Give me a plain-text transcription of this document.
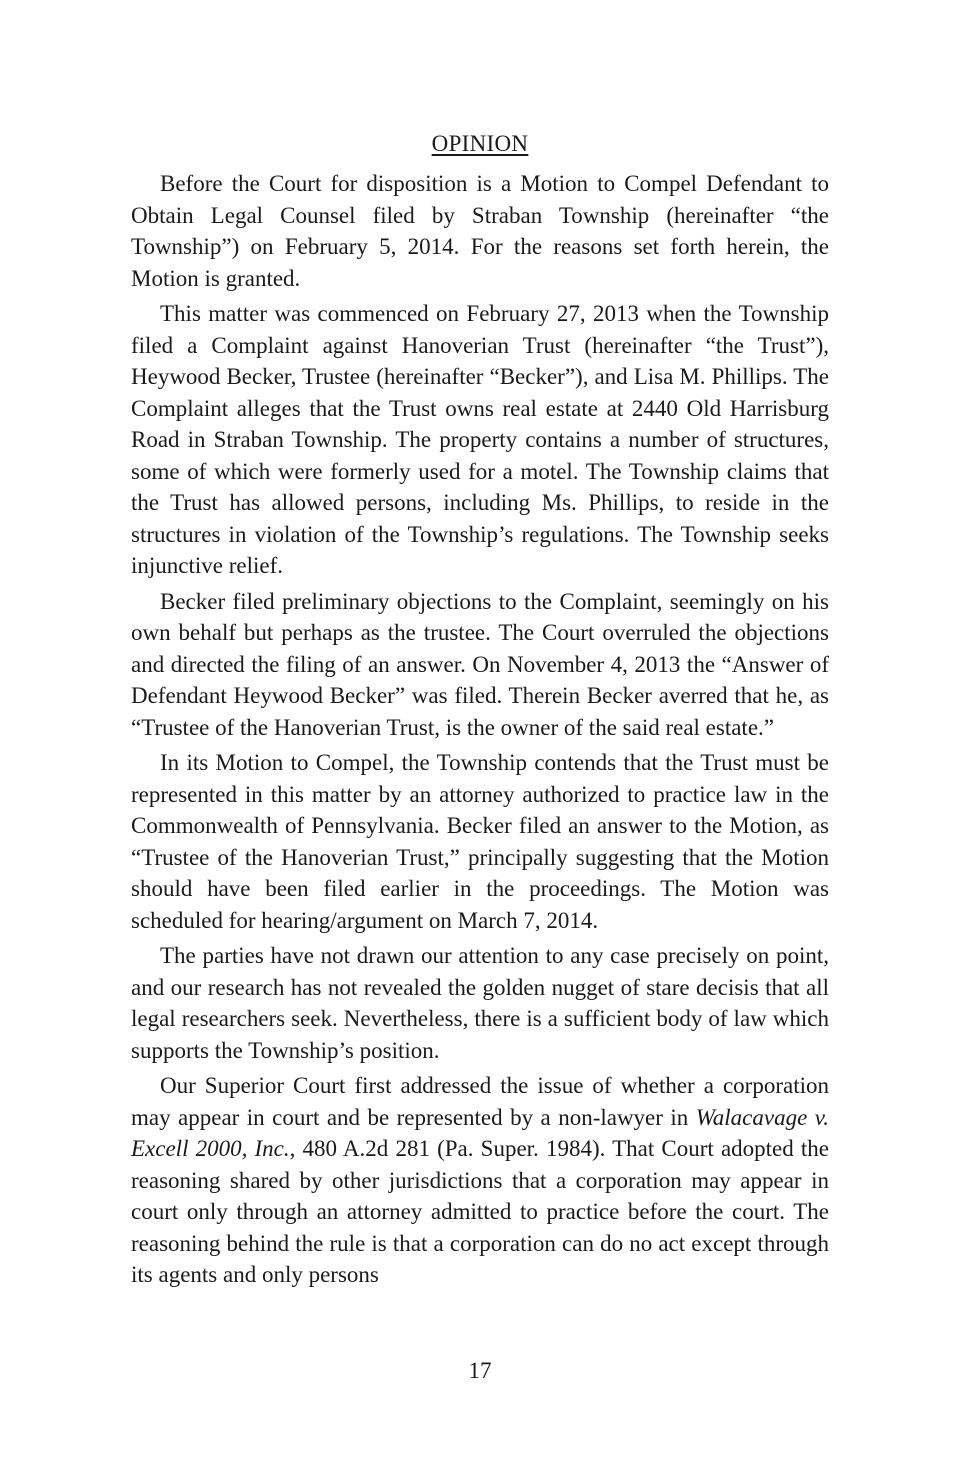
OPINION

Before the Court for disposition is a Motion to Compel Defendant to Obtain Legal Counsel filed by Straban Township (hereinafter “the Township”) on February 5, 2014. For the reasons set forth herein, the Motion is granted.

This matter was commenced on February 27, 2013 when the Township filed a Complaint against Hanoverian Trust (hereinafter “the Trust”), Heywood Becker, Trustee (hereinafter “Becker”), and Lisa M. Phillips. The Complaint alleges that the Trust owns real estate at 2440 Old Harrisburg Road in Straban Township. The property contains a number of structures, some of which were formerly used for a motel. The Township claims that the Trust has allowed persons, including Ms. Phillips, to reside in the structures in violation of the Township’s regulations. The Township seeks injunctive relief.

Becker filed preliminary objections to the Complaint, seemingly on his own behalf but perhaps as the trustee. The Court overruled the objections and directed the filing of an answer. On November 4, 2013 the “Answer of Defendant Heywood Becker” was filed. Therein Becker averred that he, as “Trustee of the Hanoverian Trust, is the owner of the said real estate.”

In its Motion to Compel, the Township contends that the Trust must be represented in this matter by an attorney authorized to practice law in the Commonwealth of Pennsylvania. Becker filed an answer to the Motion, as “Trustee of the Hanoverian Trust,” principally suggesting that the Motion should have been filed earlier in the proceedings. The Motion was scheduled for hearing/argument on March 7, 2014.

The parties have not drawn our attention to any case precisely on point, and our research has not revealed the golden nugget of stare decisis that all legal researchers seek. Nevertheless, there is a sufficient body of law which supports the Township’s position.

Our Superior Court first addressed the issue of whether a corporation may appear in court and be represented by a non-lawyer in Walacavage v. Excell 2000, Inc., 480 A.2d 281 (Pa. Super. 1984). That Court adopted the reasoning shared by other jurisdictions that a corporation may appear in court only through an attorney admitted to practice before the court. The reasoning behind the rule is that a corporation can do no act except through its agents and only persons

17
